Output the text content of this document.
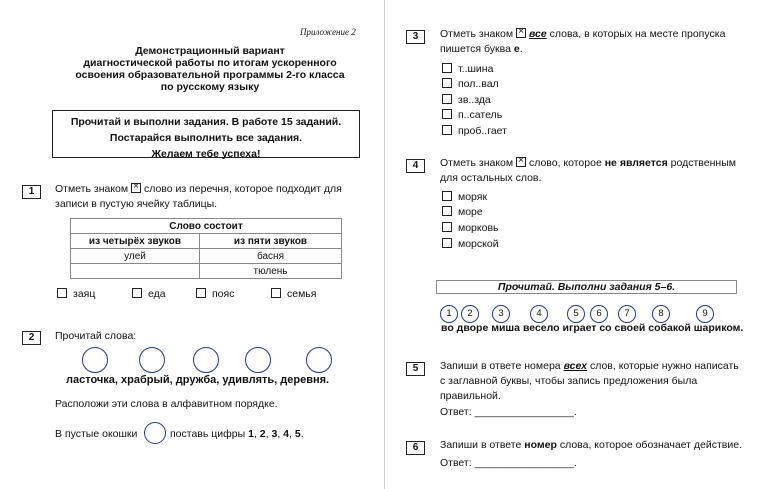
Приложение 2
Демонстрационный вариант
диагностической работы по итогам ускоренного
освоения образовательной программы 2-го класса
по русскому языку
Прочитай и выполни задания. В работе 15 заданий.
Постарайся выполнить все задания.
Желаем тебе успеха!
1	Отметь знаком × слово из перечня, которое подходит для
записи в пустую ячейку таблицы.
Слово состоит	
из четырёх звуков	из пяти звуков
улей	басня
	тюлень
заяц	еда	пояс	семья
2	Прочитай слова:
ласточка, храбрый, дружба, удивлять, деревня.
Расположи эти слова в алфавитном порядке.
В пустые окошки	поставь цифры 1, 2, 3, 4, 5.
3	Отметь знаком × все слова, в которых на месте пропуска
пишется буква е.
т..шина
пол..вал
зв..зда
п..сатель
проб..гает
4	Отметь знаком × слово, которое не является родственным
для остальных слов.
моряк
море
морковь
морской
Прочитай. Выполни задания 5–6.
1	2	3	4	5	6	7	8	9
во дворе миша весело играет со своей собакой шариком.
5	Запиши в ответе номера всех слов, которые нужно написать
с заглавной буквы, чтобы запись предложения была
правильной.
Ответ: _________________.
6	Запиши в ответе номер слова, которое обозначает действие.
Ответ: _________________.
